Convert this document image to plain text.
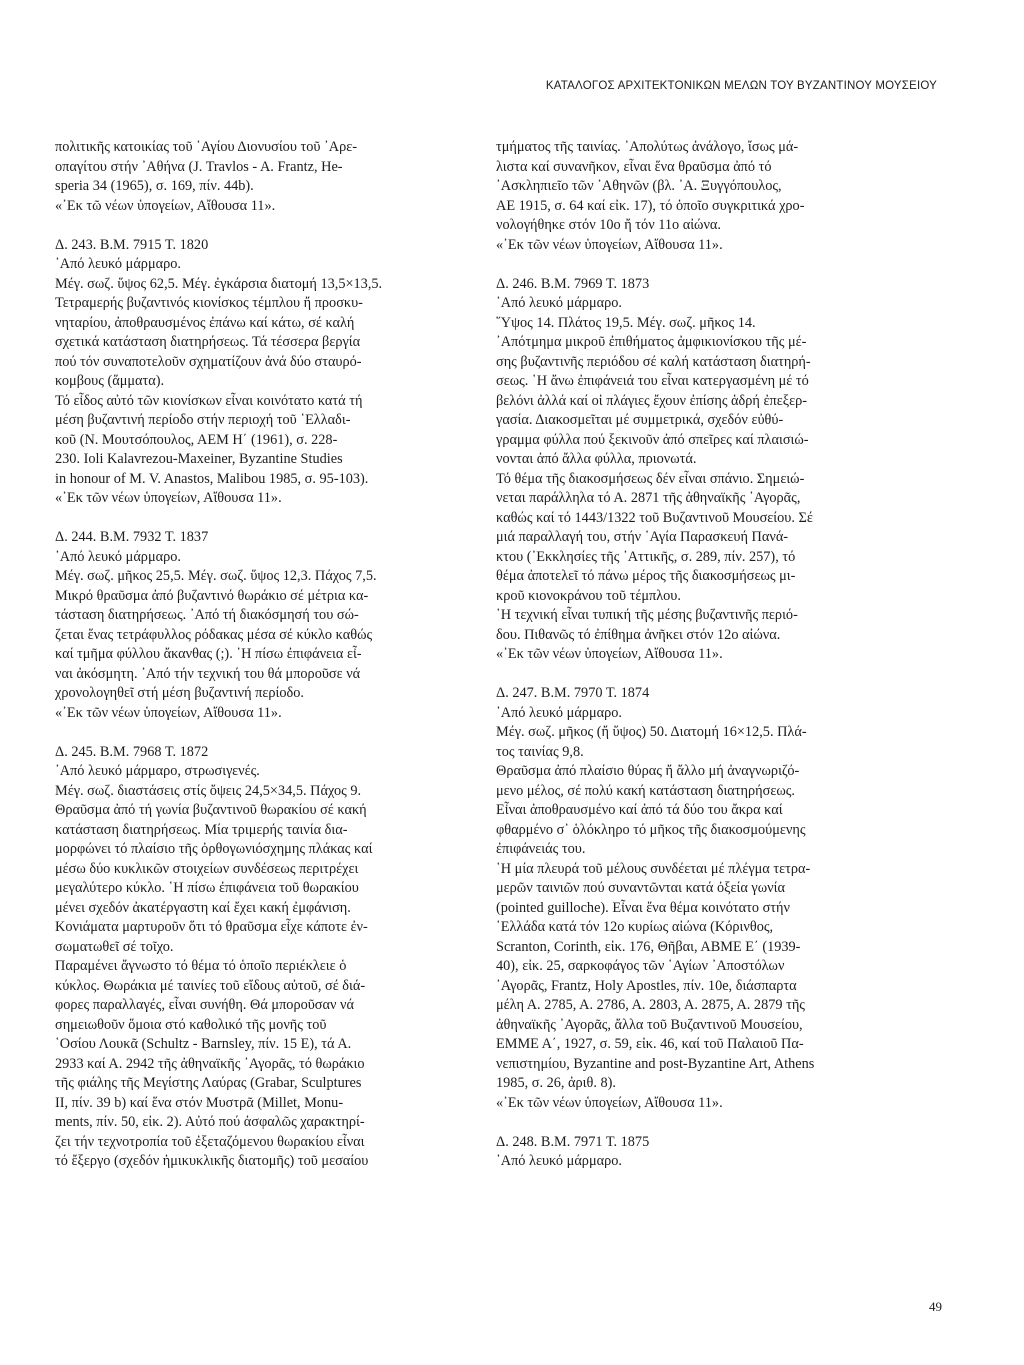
ΚΑΤΑΛΟΓΟΣ ΑΡΧΙΤΕΚΤΟΝΙΚΩΝ ΜΕΛΩΝ ΤΟΥ ΒΥΖΑΝΤΙΝΟΥ ΜΟΥΣΕΙΟΥ
πολιτικῆς κατοικίας τοῦ ῾Αγίου Διονυσίου τοῦ ᾿Αρε-
οπαγίτου στήν ᾿Αθήνα (J. Travlos - A. Frantz, He-
speria 34 (1965), σ. 169, πίν. 44b).
«᾿Εκ τῶ νέων ὑπογείων, Αἴθουσα 11».
Δ. 243. Β.Μ. 7915 Τ. 1820
᾿Από λευκό μάρμαρο.
Μέγ. σωζ. ὕψος 62,5. Μέγ. ἐγκάρσια διατομή 13,5×13,5.
Τετραμερής βυζαντινός κιονίσκος τέμπλου ἤ προσκυ-
νηταρίου, ἀποθραυσμένος ἐπάνω καί κάτω, σέ καλή
σχετικά κατάσταση διατηρήσεως. Τά τέσσερα βεργία
πού τόν συναποτελοῦν σχηματίζουν ἀνά δύο σταυρό-
κομβους (ἅμματα).
Τό εἶδος αὐτό τῶν κιονίσκων εἶναι κοινότατο κατά τή
μέση βυζαντινή περίοδο στήν περιοχή τοῦ ῾Ελλαδι-
κοῦ (Ν. Μουτσόπουλος, ΑΕΜ Η΄ (1961), σ. 228-
230. Ioli Kalavrezou-Maxeiner, Byzantine Studies
in honour of M. V. Anastos, Malibou 1985, σ. 95-103).
«᾿Εκ τῶν νέων ὑπογείων, Αἴθουσα 11».
Δ. 244. Β.Μ. 7932 Τ. 1837
᾿Από λευκό μάρμαρο.
Μέγ. σωζ. μῆκος 25,5. Μέγ. σωζ. ὕψος 12,3. Πάχος 7,5.
Μικρό θραῦσμα ἀπό βυζαντινό θωράκιο σέ μέτρια κα-
τάσταση διατηρήσεως. ᾿Από τή διακόσμησή του σώ-
ζεται ἕνας τετράφυλλος ρόδακας μέσα σέ κύκλο καθώς
καί τμῆμα φύλλου ἄκανθας (;). ῾Η πίσω ἐπιφάνεια εἶ-
ναι ἀκόσμητη. ᾿Από τήν τεχνική του θά μποροῦσε νά
χρονολογηθεῖ στή μέση βυζαντινή περίοδο.
«᾿Εκ τῶν νέων ὑπογείων, Αἴθουσα 11».
Δ. 245. Β.Μ. 7968 Τ. 1872
᾿Από λευκό μάρμαρο, στρωσιγενές.
Μέγ. σωζ. διαστάσεις στίς ὄψεις 24,5×34,5. Πάχος 9.
Θραῦσμα ἀπό τή γωνία βυζαντινοῦ θωρακίου σέ κακή
κατάσταση διατηρήσεως. Μία τριμερής ταινία δια-
μορφώνει τό πλαίσιο τῆς ὀρθογωνιόσχημης πλάκας καί
μέσω δύο κυκλικῶν στοιχείων συνδέσεως περιτρέχει
μεγαλύτερο κύκλο. ῾Η πίσω ἐπιφάνεια τοῦ θωρακίου
μένει σχεδόν ἀκατέργαστη καί ἔχει κακή ἐμφάνιση.
Κονιάματα μαρτυροῦν ὅτι τό θραῦσμα εἶχε κάποτε ἐν-
σωματωθεῖ σέ τοῖχο.
Παραμένει ἄγνωστο τό θέμα τό ὁποῖο περιέκλειε ὁ
κύκλος. Θωράκια μέ ταινίες τοῦ εἴδους αὐτοῦ, σέ διά-
φορες παραλλαγές, εἶναι συνήθη. Θά μποροῦσαν νά
σημειωθοῦν ὅμοια στό καθολικό τῆς μονῆς τοῦ
῾Οσίου Λουκᾶ (Schultz - Barnsley, πίν. 15 E), τά Α.
2933 καί Α. 2942 τῆς ἀθηναϊκῆς ᾿Αγορᾶς, τό θωράκιο
τῆς φιάλης τῆς Μεγίστης Λαύρας (Grabar, Sculptures
II, πίν. 39 b) καί ἕνα στόν Μυστρᾶ (Millet, Monu-
ments, πίν. 50, εἰκ. 2). Αὐτό πού ἀσφαλῶς χαρακτηρί-
ζει τήν τεχνοτροπία τοῦ ἐξεταζόμενου θωρακίου εἶναι
τό ἔξεργο (σχεδόν ἡμικυκλικῆς διατομῆς) τοῦ μεσαίου
τμήματος τῆς ταινίας. ᾿Απολύτως ἀνάλογο, ἴσως μά-
λιστα καί συνανῆκον, εἶναι ἕνα θραῦσμα ἀπό τό
᾿Ασκληπιεῖο τῶν ᾿Αθηνῶν (βλ. ᾿Α. Ξυγγόπουλος,
ΑΕ 1915, σ. 64 καί εἰκ. 17), τό ὁποῖο συγκριτικά χρο-
νολογήθηκε στόν 10ο ἤ τόν 11ο αἰώνα.
«᾿Εκ τῶν νέων ὑπογείων, Αἴθουσα 11».
Δ. 246. Β.Μ. 7969 Τ. 1873
᾿Από λευκό μάρμαρο.
῞Υψος 14. Πλάτος 19,5. Μέγ. σωζ. μῆκος 14.
᾿Απότμημα μικροῦ ἐπιθήματος ἀμφικιονίσκου τῆς μέ-
σης βυζαντινῆς περιόδου σέ καλή κατάσταση διατηρή-
σεως. ῾Η ἄνω ἐπιφάνειά του εἶναι κατεργασμένη μέ τό
βελόνι ἀλλά καί οἱ πλάγιες ἔχουν ἐπίσης ἁδρή ἐπεξερ-
γασία. Διακοσμεῖται μέ συμμετρικά, σχεδόν εὐθύ-
γραμμα φύλλα πού ξεκινοῦν ἀπό σπεῖρες καί πλαισιώ-
νονται ἀπό ἄλλα φύλλα, πριονωτά.
Τό θέμα τῆς διακοσμήσεως δέν εἶναι σπάνιο. Σημειώ-
νεται παράλληλα τό Α. 2871 τῆς ἀθηναϊκῆς ᾿Αγορᾶς,
καθώς καί τό 1443/1322 τοῦ Βυζαντινοῦ Μουσείου. Σέ
μιά παραλλαγή του, στήν ῾Αγία Παρασκευή Πανά-
κτου (᾿Εκκλησίες τῆς ᾿Αττικῆς, σ. 289, πίν. 257), τό
θέμα ἀποτελεῖ τό πάνω μέρος τῆς διακοσμήσεως μι-
κροῦ κιονοκράνου τοῦ τέμπλου.
῾Η τεχνική εἶναι τυπική τῆς μέσης βυζαντινῆς περιό-
δου. Πιθανῶς τό ἐπίθημα ἀνῆκει στόν 12ο αἰώνα.
«᾿Εκ τῶν νέων ὑπογείων, Αἴθουσα 11».
Δ. 247. Β.Μ. 7970 Τ. 1874
᾿Από λευκό μάρμαρο.
Μέγ. σωζ. μῆκος (ἤ ὕψος) 50. Διατομή 16×12,5. Πλά-
τος ταινίας 9,8.
Θραῦσμα ἀπό πλαίσιο θύρας ἤ ἄλλο μή ἀναγνωριζό-
μενο μέλος, σέ πολύ κακή κατάσταση διατηρήσεως.
Εἶναι ἀποθραυσμένο καί ἀπό τά δύο του ἄκρα καί
φθαρμένο σ᾿ ὁλόκληρο τό μῆκος τῆς διακοσμούμενης
ἐπιφάνειάς του.
῾Η μία πλευρά τοῦ μέλους συνδέεται μέ πλέγμα τετρα-
μερῶν ταινιῶν πού συναντῶνται κατά ὀξεία γωνία
(pointed guilloche). Εἶναι ἕνα θέμα κοινότατο στήν
῾Ελλάδα κατά τόν 12ο κυρίως αἰώνα (Κόρινθος,
Scranton, Corinth, εἰκ. 176, Θῆβαι, ΑΒΜΕ Ε΄ (1939-
40), εἰκ. 25, σαρκοφάγος τῶν ῾Αγίων ᾿Αποστόλων
᾿Αγορᾶς, Frantz, Holy Apostles, πίν. 10e, διάσπαρτα
μέλη Α. 2785, Α. 2786, Α. 2803, Α. 2875, Α. 2879 τῆς
ἀθηναϊκῆς ᾿Αγορᾶς, ἄλλα τοῦ Βυζαντινοῦ Μουσείου,
ΕΜΜΕ Α΄, 1927, σ. 59, εἰκ. 46, καί τοῦ Παλαιοῦ Πα-
νεπιστημίου, Byzantine and post-Byzantine Art, Athens
1985, σ. 26, ἀριθ. 8).
«᾿Εκ τῶν νέων ὑπογείων, Αἴθουσα 11».
Δ. 248. Β.Μ. 7971 Τ. 1875
᾿Από λευκό μάρμαρο.
49
